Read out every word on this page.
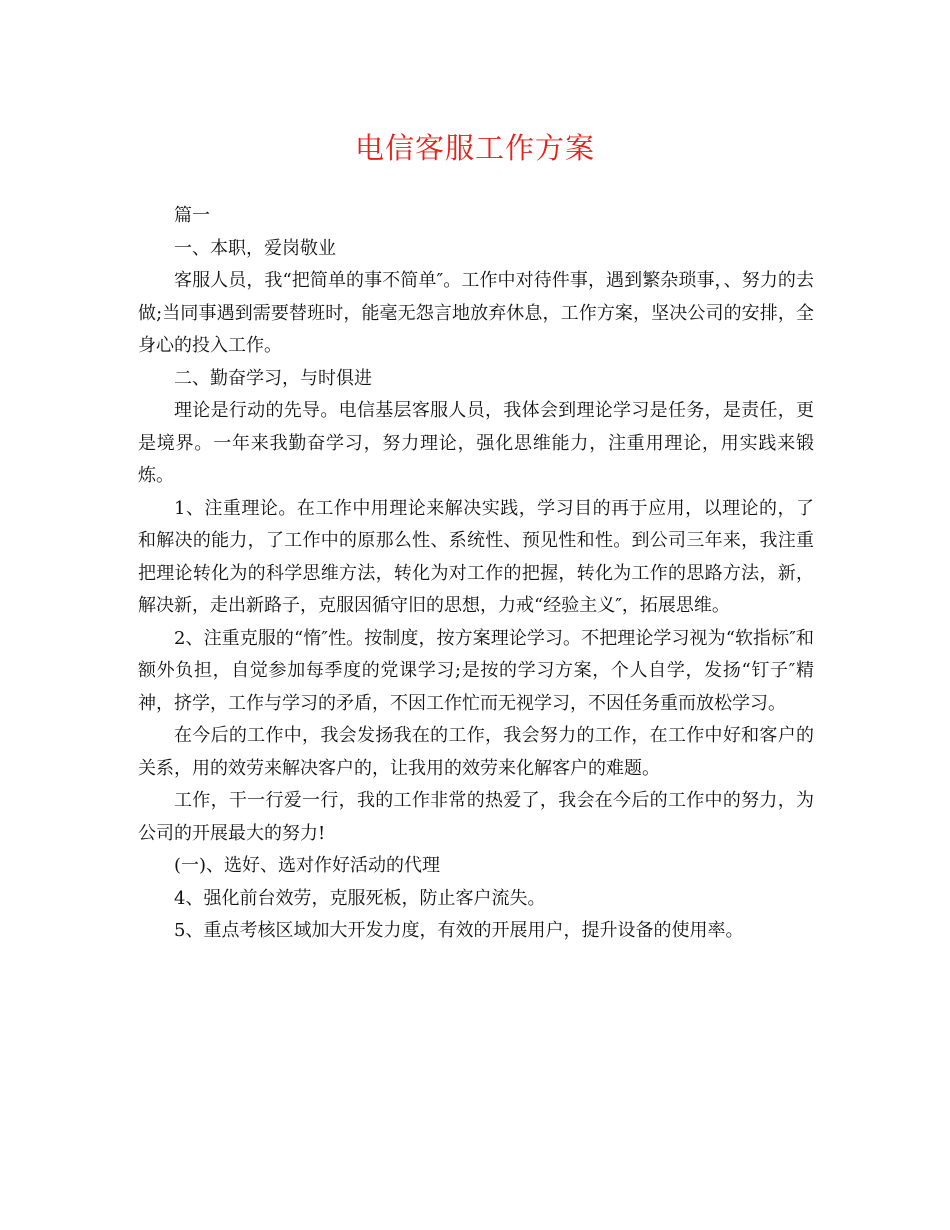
电信客服工作方案

篇一

一、本职，爱岗敬业

客服人员，我“把简单的事不简单″。工作中对待件事，遇到繁杂琐事，、努力的去做;当同事遇到需要替班时，能毫无怨言地放弃休息，工作方案，坚决公司的安排，全身心的投入工作。

二、勤奋学习，与时俱进

理论是行动的先导。电信基层客服人员，我体会到理论学习是任务，是责任，更是境界。一年来我勤奋学习，努力理论，强化思维能力，注重用理论，用实践来锻炼。

1、注重理论。在工作中用理论来解决实践，学习目的再于应用，以理论的，了和解决的能力，了工作中的原那么性、系统性、预见性和性。到公司三年来，我注重把理论转化为的科学思维方法，转化为对工作的把握，转化为工作的思路方法，新，解决新，走出新路子，克服因循守旧的思想，力戒“经验主义″，拓展思维。

2、注重克服的“惰″性。按制度，按方案理论学习。不把理论学习视为“软指标″和额外负担，自觉参加每季度的党课学习;是按的学习方案，个人自学，发扬“钉子″精神，挤学，工作与学习的矛盾，不因工作忙而无视学习，不因任务重而放松学习。

在今后的工作中，我会发扬我在的工作，我会努力的工作，在工作中好和客户的关系，用的效劳来解决客户的，让我用的效劳来化解客户的难题。

工作，干一行爱一行，我的工作非常的热爱了，我会在今后的工作中的努力，为公司的开展最大的努力!

(一)、选好、选对作好活动的代理

4、强化前台效劳，克服死板，防止客户流失。

5、重点考核区域加大开发力度，有效的开展用户，提升设备的使用率。
